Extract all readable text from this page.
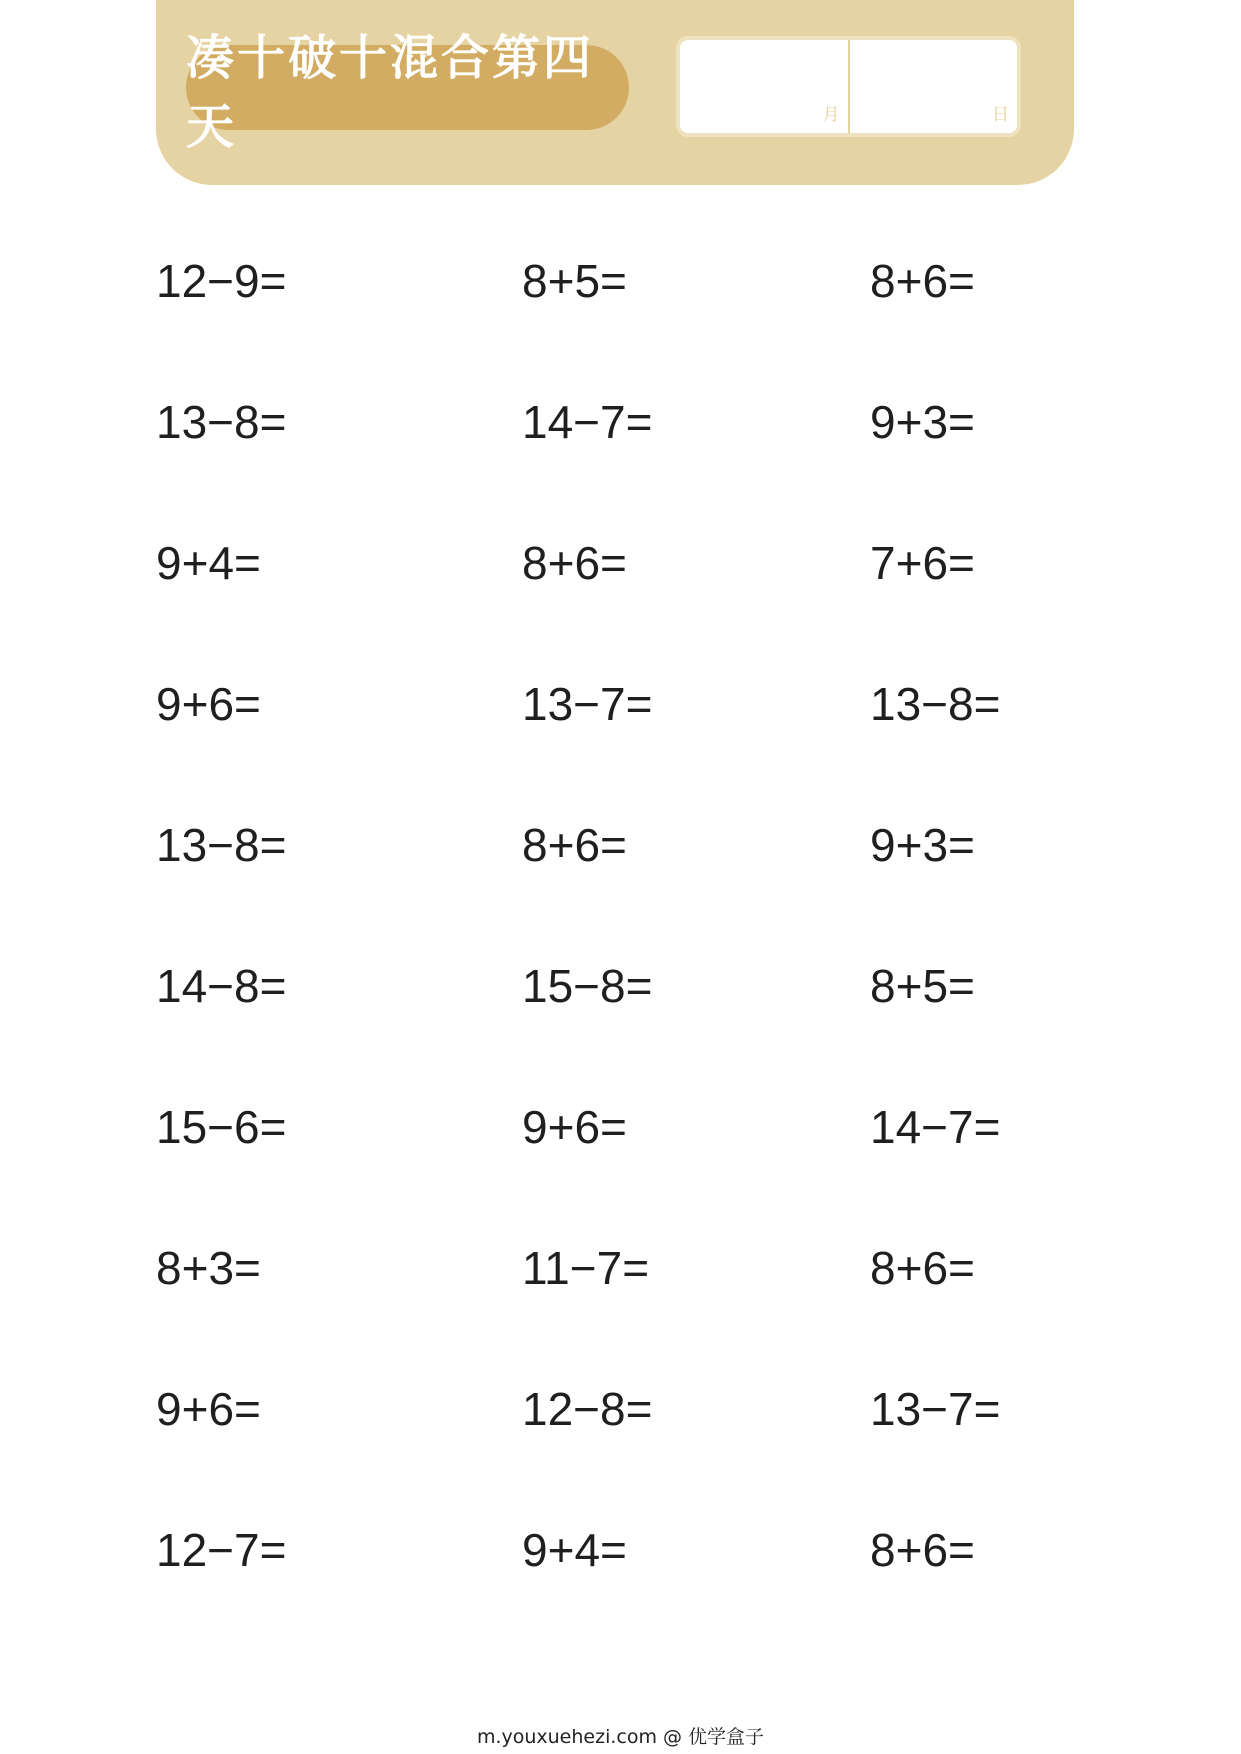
凑十破十混合第四天	月	日
12−9=
13−8=
9+4=
9+6=
13−8=
14−8=
15−6=
8+3=
9+6=
12−7=
8+5=
14−7=
8+6=
13−7=
8+6=
15−8=
9+6=
11−7=
12−8=
9+4=
8+6=
9+3=
7+6=
13−8=
9+3=
8+5=
14−7=
8+6=
13−7=
8+6=
m.youxuehezi.com @ 优学盒子
